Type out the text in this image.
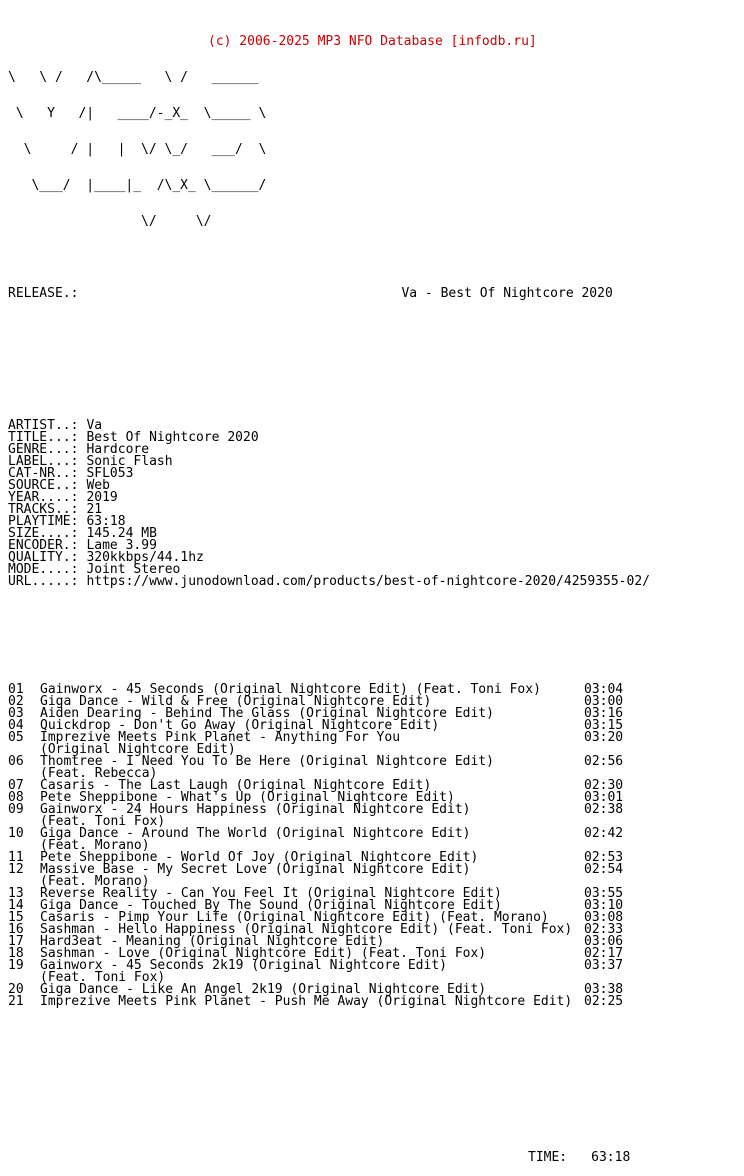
(c) 2006-2025 MP3 NFO Database [infodb.ru]

\   \ /   /\_____   \ /   ______

\   Y   /|   ____/-_X_  \_____ \

\     / |   |  \/ \_/   ___/  \

\___/  |____|_  /\_X_ \______/

\/     \/

RELEASE.:	Va - Best Of Nightcore 2020

ARTIST..: Va
TITLE...: Best Of Nightcore 2020
GENRE...: Hardcore
LABEL...: Sonic Flash
CAT-NR..: SFL053
SOURCE..: Web
YEAR....: 2019
TRACKS..: 21
PLAYTIME: 63:18
SIZE....: 145.24 MB
ENCODER.: Lame 3.99
QUALITY.: 320kkbps/44.1hz
MODE....: Joint Stereo
URL.....: https://www.junodownload.com/products/best-of-nightcore-2020/4259355-02/

01 Gainworx - 45 Seconds (Original Nightcore Edit) (Feat. Toni Fox)	03:04
02 Giga Dance - Wild & Free (Original Nightcore Edit)	03:00
03 Aiden Dearing - Behind The Glass (Original Nightcore Edit)	03:16
04 Quickdrop - Don't Go Away (Original Nightcore Edit)	03:15
05 Imprezive Meets Pink Planet - Anything For You	03:20
(Original Nightcore Edit)
06 Thomtree - I Need You To Be Here (Original Nightcore Edit)	02:56
(Feat. Rebecca)
07 Casaris - The Last Laugh (Original Nightcore Edit)	02:30
08 Pete Sheppibone - What's Up (Original Nightcore Edit)	03:01
09 Gainworx - 24 Hours Happiness (Original Nightcore Edit)	02:38
(Feat. Toni Fox)
10 Giga Dance - Around The World (Original Nightcore Edit)	02:42
(Feat. Morano)
11 Pete Sheppibone - World Of Joy (Original Nightcore Edit)	02:53
12 Massive Base - My Secret Love (Original Nightcore Edit)	02:54
(Feat. Morano)
13 Reverse Reality - Can You Feel It (Original Nightcore Edit)	03:55
14 Giga Dance - Touched By The Sound (Original Nightcore Edit)	03:10
15 Casaris - Pimp Your Life (Original Nightcore Edit) (Feat. Morano)	03:08
16 Sashman - Hello Happiness (Original Nightcore Edit) (Feat. Toni Fox) 02:33
17 Hard3eat - Meaning (Original Nightcore Edit)	03:06
18 Sashman - Love (Original Nightcore Edit) (Feat. Toni Fox)	02:17
19 Gainworx - 45 Seconds 2k19 (Original Nightcore Edit)	03:37
(Feat. Toni Fox)
20 Giga Dance - Like An Angel 2k19 (Original Nightcore Edit)	03:38
21 Imprezive Meets Pink Planet - Push Me Away (Original Nightcore Edit) 02:25

TIME: 63:18
